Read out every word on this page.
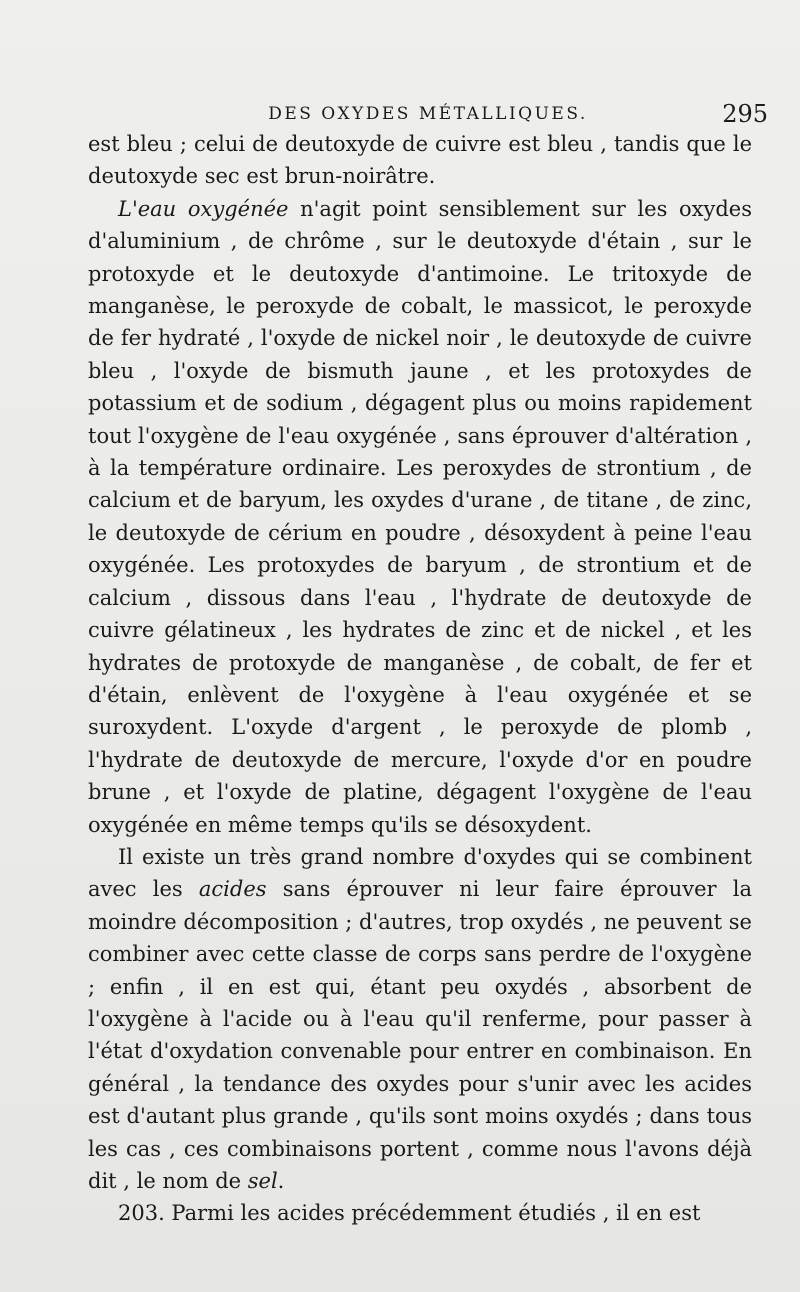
DES OXYDES MÉTALLIQUES.	295

est bleu ; celui de deutoxyde de cuivre est bleu , tandis que le deutoxyde sec est brun-noirâtre.

L'eau oxygénée n'agit point sensiblement sur les oxydes d'aluminium , de chrôme , sur le deutoxyde d'étain , sur le protoxyde et le deutoxyde d'antimoine. Le tritoxyde de manganèse, le peroxyde de cobalt, le massicot, le peroxyde de fer hydraté , l'oxyde de nickel noir , le deutoxyde de cuivre bleu , l'oxyde de bismuth jaune , et les protoxydes de potassium et de sodium , dégagent plus ou moins rapidement tout l'oxygène de l'eau oxygénée , sans éprouver d'altération , à la température ordinaire. Les peroxydes de strontium , de calcium et de baryum, les oxydes d'urane , de titane , de zinc, le deutoxyde de cérium en poudre , désoxydent à peine l'eau oxygénée. Les protoxydes de baryum , de strontium et de calcium , dissous dans l'eau , l'hydrate de deutoxyde de cuivre gélatineux , les hydrates de zinc et de nickel , et les hydrates de protoxyde de manganèse , de cobalt, de fer et d'étain, enlèvent de l'oxygène à l'eau oxygénée et se suroxydent. L'oxyde d'argent , le peroxyde de plomb , l'hydrate de deutoxyde de mercure, l'oxyde d'or en poudre brune , et l'oxyde de platine, dégagent l'oxygène de l'eau oxygénée en même temps qu'ils se désoxydent.

Il existe un très grand nombre d'oxydes qui se combinent avec les acides sans éprouver ni leur faire éprouver la moindre décomposition ; d'autres, trop oxydés , ne peuvent se combiner avec cette classe de corps sans perdre de l'oxygène ; enfin , il en est qui, étant peu oxydés , absorbent de l'oxygène à l'acide ou à l'eau qu'il renferme, pour passer à l'état d'oxydation convenable pour entrer en combinaison. En général , la tendance des oxydes pour s'unir avec les acides est d'autant plus grande , qu'ils sont moins oxydés ; dans tous les cas , ces combinaisons portent , comme nous l'avons déjà dit , le nom de sel.

203. Parmi les acides précédemment étudiés , il en est
